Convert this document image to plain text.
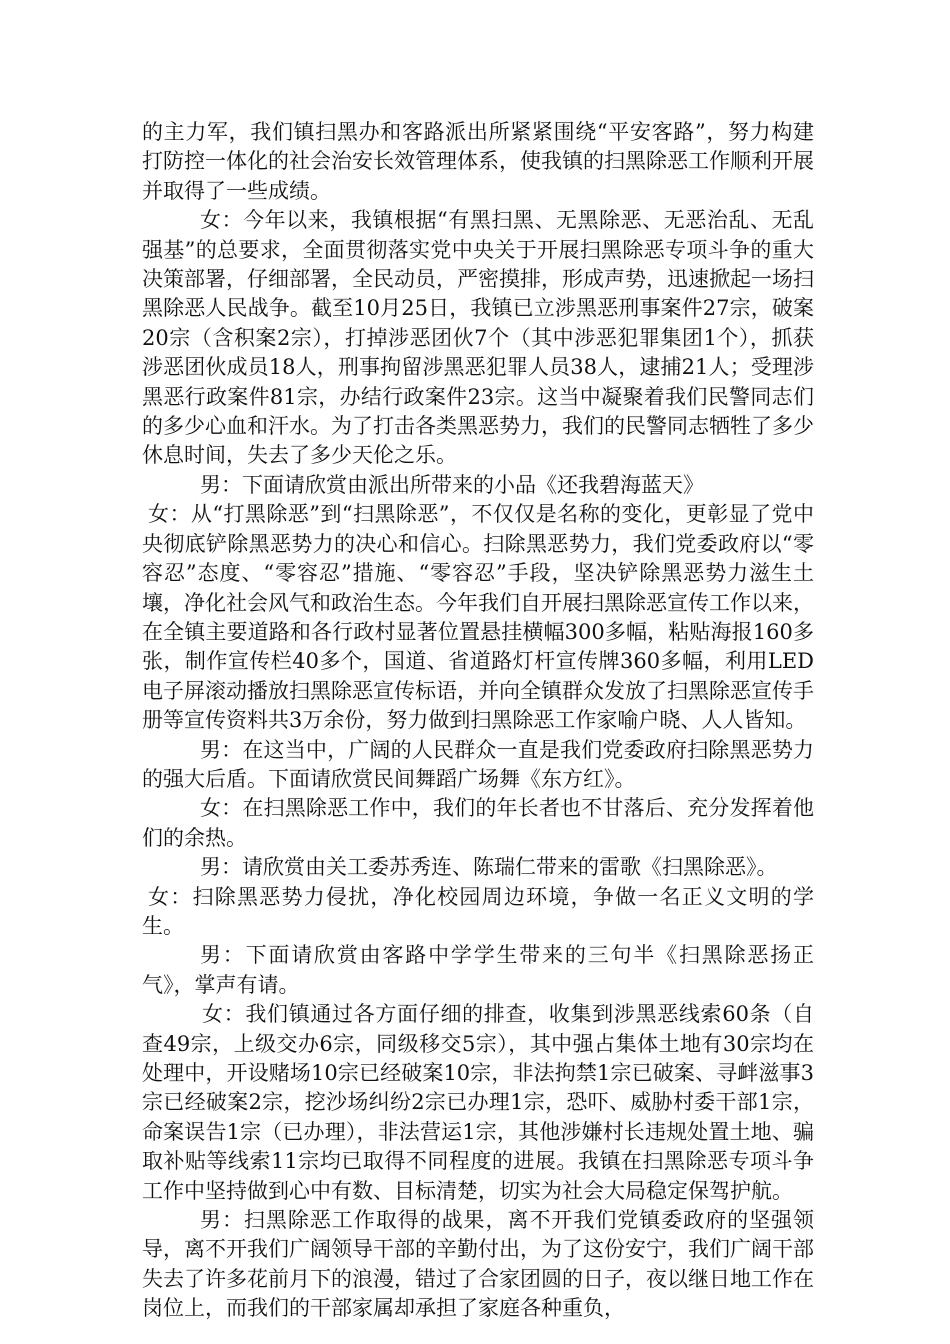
的主力军，我们镇扫黑办和客路派出所紧紧围绕“平安客路”，努力构建打防控一体化的社会治安长效管理体系，使我镇的扫黑除恶工作顺利开展并取得了一些成绩。

女：今年以来，我镇根据“有黑扫黑、无黑除恶、无恶治乱、无乱强基”的总要求，全面贯彻落实党中央关于开展扫黑除恶专项斗争的重大决策部署，仔细部署，全民动员，严密摸排，形成声势，迅速掀起一场扫黑除恶人民战争。截至10月25日，我镇已立涉黑恶刑事案件27宗，破案20宗（含积案2宗），打掉涉恶团伙7个（其中涉恶犯罪集团1个），抓获涉恶团伙成员18人，刑事拘留涉黑恶犯罪人员38人，逮捕21人；受理涉黑恶行政案件81宗，办结行政案件23宗。这当中凝聚着我们民警同志们的多少心血和汗水。为了打击各类黑恶势力，我们的民警同志牺牲了多少休息时间，失去了多少天伦之乐。

男：下面请欣赏由派出所带来的小品《还我碧海蓝天》

女：从“打黑除恶”到“扫黑除恶”，不仅仅是名称的变化，更彰显了党中央彻底铲除黑恶势力的决心和信心。扫除黑恶势力，我们党委政府以“零容忍”态度、“零容忍”措施、“零容忍”手段，坚决铲除黑恶势力滋生土壤，净化社会风气和政治生态。今年我们自开展扫黑除恶宣传工作以来，在全镇主要道路和各行政村显著位置悬挂横幅300多幅，粘贴海报160多张，制作宣传栏40多个，国道、省道路灯杆宣传牌360多幅，利用LED电子屏滚动播放扫黑除恶宣传标语，并向全镇群众发放了扫黑除恶宣传手册等宣传资料共3万余份，努力做到扫黑除恶工作家喻户晓、人人皆知。

男：在这当中，广阔的人民群众一直是我们党委政府扫除黑恶势力的强大后盾。下面请欣赏民间舞蹈广场舞《东方红》。

女：在扫黑除恶工作中，我们的年长者也不甘落后、充分发挥着他们的余热。

男：请欣赏由关工委苏秀连、陈瑞仁带来的雷歌《扫黑除恶》。

女：扫除黑恶势力侵扰，净化校园周边环境，争做一名正义文明的学生。

男：下面请欣赏由客路中学学生带来的三句半《扫黑除恶扬正气》，掌声有请。

女：我们镇通过各方面仔细的排查，收集到涉黑恶线索60条（自查49宗，上级交办6宗，同级移交5宗），其中强占集体土地有30宗均在处理中，开设赌场10宗已经破案10宗，非法拘禁1宗已破案、寻衅滋事3宗已经破案2宗，挖沙场纠纷2宗已办理1宗，恐吓、威胁村委干部1宗，命案误告1宗（已办理），非法营运1宗，其他涉嫌村长违规处置土地、骗取补贴等线索11宗均已取得不同程度的进展。我镇在扫黑除恶专项斗争工作中坚持做到心中有数、目标清楚，切实为社会大局稳定保驾护航。

男：扫黑除恶工作取得的战果，离不开我们党镇委政府的坚强领导，离不开我们广阔领导干部的辛勤付出，为了这份安宁，我们广阔干部失去了许多花前月下的浪漫，错过了合家团圆的日子，夜以继日地工作在岗位上，而我们的干部家属却承担了家庭各种重负，
